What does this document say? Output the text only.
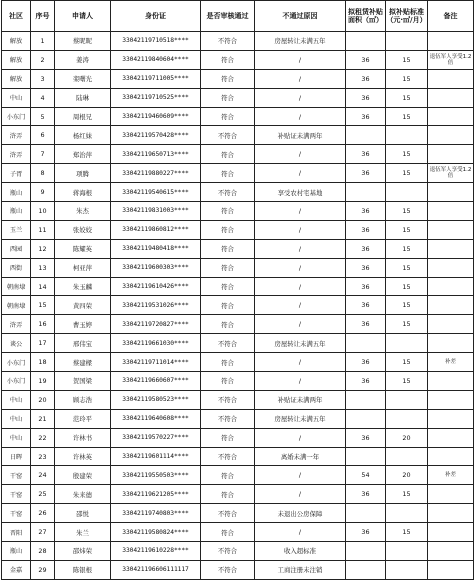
社区	序号	申请人	身份证	是否审核通过	不通过原因	拟租赁补贴面积（㎡）	拟补贴标准（元·㎡/月）	备注
解放	1	蔡昵昵	33042119710518****	不符合	房屋转让未满五年			
解放	2	姜涛	33042119840604****	符合	/	36	15	退伍军人享受1.2倍
解放	3	栾曙光	33042119711005****	符合	/	36	15	
中山	4	陆琳	33042119710525****	符合	/	36	15	
小东门	5	周根兄	33042119460609****	符合	/	36	15	
浒弄	6	杨红妹	33042119570428****	不符合	补贴证未满两年			
浒弄	7	郑治萍	33042119650713****	符合	/	36	15	
子胥	8	项腾	33042119880227****	符合	/	36	15	退伍军人享受1.2倍
瓶山	9	蒋海根	33042119540615****	不符合	享受农村宅基地			
瓶山	10	朱杰	33042119831003****	符合	/	36	15	
玉兰	11	张姣姣	33042119860812****	符合	/	36	15	
西园	12	陈耀英	33042119480418****	符合	/	36	15	
西街	13	柯亚萍	33042119600303****	符合	/	36	15	
朝南埭	14	朱玉麟	33042119610426****	符合	/	36	15	
朝南埭	15	黄四荣	33042119531026****	符合	/	36	15	
浒弄	16	曹玉婷	33042119720827****	符合	/	36	15	
谈公	17	邢伟宝	33042119661030****	不符合	房屋转让未满五年			
小东门	18	蔡建樑	33042119711014****	符合	/	36	15	补差
小东门	19	贺国梁	33042119660607****	符合	/	36	15	
中山	20	顾志浩	33042119580523****	不符合	补贴证未满两年			
中山	21	范玲平	33042119640608****	不符合	房屋转让未满五年			
中山	22	许林书	33042119570227****	符合	/	36	20	
日晖	23	许林英	33042119601114****	不符合	离婚未满一年			
干窑	24	殷建荣	33042119550503****	符合	/	54	20	补差
干窑	25	朱来德	33042119621205****	符合	/	36	15	
干窑	26	邵悦	33042119740803****	不符合	未退出公房保障			
晋阳	27	朱兰	33042119580824****	符合	/	36	15	
瓶山	28	邵炜荣	33042119610228****	不符合	收入超标准			
金嘉	29	陈银根	330421196606111117	不符合	工商注册未注销			
